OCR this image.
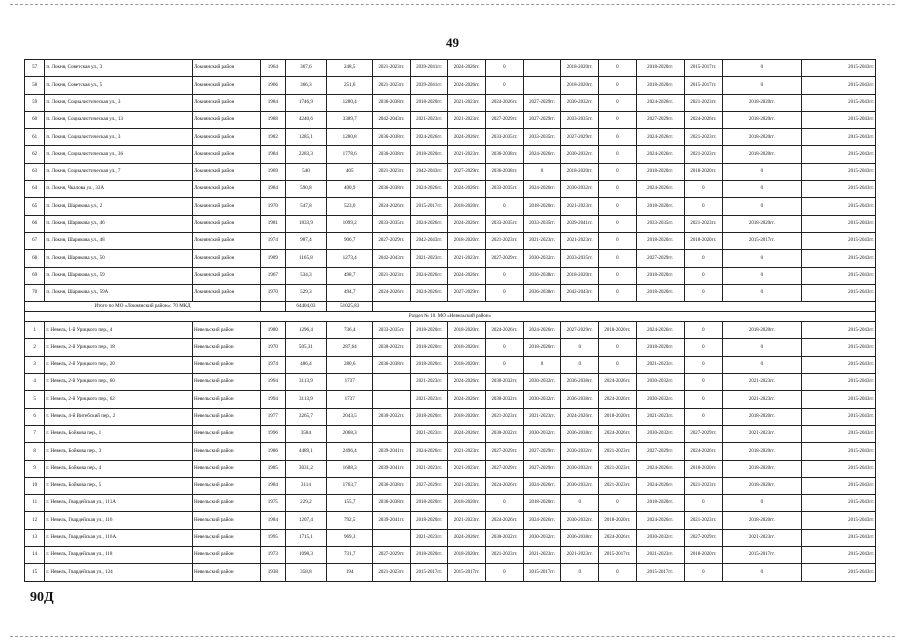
49
57	п. Локня, Советская ул., 3	Локнянский район	1964	367,6	248,5	2021-2023гг.	2039-2041гг.	2024-2026гг.	0		2018-2020гг.	0	2018-2020гг.	2015-2017гг.	0	2015-2043гг.
58	п. Локня, Советская ул., 5	Локнянский район	1966	366,3	251,6	2021-2023гг.	2039-2041гг.	2024-2026гг.	0		2018-2020гг.	0	2018-2020гг.	2015-2017гг.	0	2015-2043гг.
59	п. Локня, Социалистическая ул., 3	Локнянский район	1984	1746,9	1280,4	2036-2038гг.	2018-2020гг.	2021-2023гг.	2024-2026гг.	2027-2029гг.	2030-2032гг.	0	2024-2026гг.	2021-2023гг.	2018-2020гг.	2015-2043гг.
60	п. Локня, Социалистическая ул., 13	Локнянский район	1988	4240,6	3389,7	2042-2043гг.	2021-2023гг.	2021-2023гг.	2027-2029гг.	2027-2029гг.	2033-2035гг.	0	2027-2029гг.	2024-2026гг.	2018-2020гг.	2015-2043гг.
61	п. Локня, Социалистическая ул., 3	Локнянский район	1982	1285,1	1280,8	2036-2038гг.	2024-2026гг.	2024-2026гг.	2033-2035гг.	2033-2035гг.	2027-2029гг.	0	2024-2026гг.	2021-2023гг.	2018-2020гг.	2015-2043гг.
62	п. Локня, Социалистическая ул., 36	Локнянский район	1984	2283,3	1778,6	2036-2038гг.	2018-2020гг.	2021-2023гг.	2036-2038гг.	2024-2026гг.	2030-2032гг.	0	2024-2026гг.	2021-2023гг.	2018-2020гг.	2015-2043гг.
63	п. Локня, Социалистическая ул., 7	Локнянский район	1969	540	405	2021-2023гг.	2042-2043гг.	2027-2029гг.	2036-2038гг.	0	2018-2020гг.	0	2018-2020гг.	2018-2020гг.	0	2015-2043гг.
64	п. Локня, Чкалова ул., 33А	Локнянский район	1984	590,8	400,9	2036-2038гг.	2024-2026гг.	2024-2026гг.	2033-2035гг.	2024-2026гг.	2030-2032гг.	0	2024-2026гг.	0	0	2015-2043гг.
65	п. Локня, Шарикова ул., 2	Локнянский район	1970	547,8	523,0	2024-2026гг.	2015-2017гг.	2018-2020гг.	0	2018-2020гг.	2021-2023гг.	0	2018-2020гг.	0	0	2015-2043гг.
66	п. Локня, Шарикова ул., 46	Локнянский район	1981	1833,9	1099,2	2033-2035гг.	2024-2026гг.	2024-2026гг.	2033-2035гг.	2033-2035гг.	2039-2041гг.	0	2033-2035гг.	2021-2023гг.	2018-2020гг.	2015-2043гг.
67	п. Локня, Шарикова ул., 48	Локнянский район	1974	987,4	906,7	2027-2029гг.	2042-2043гг.	2018-2020гг.	2021-2023гг.	2021-2023гг.	2021-2023гг.	0	2018-2020гг.	2018-2020гг.	2015-2017гг.	2015-2043гг.
68	п. Локня, Шарикова ул., 50	Локнянский район	1989	1165,8	1273,4	2042-2043гг.	2021-2023гг.	2021-2023гг.	2027-2029гг.	2030-2032гг.	2033-2035гг.	0	2027-2029гг.	0	0	2015-2043гг.
69	п. Локня, Шарикова ул., 59	Локнянский район	1967	534,3	498,7	2021-2023гг.	2024-2026гг.	2024-2026гг.	0	2036-2038гг.	2018-2020гг.	0	2018-2020гг.	0	0	2015-2043гг.
70	п. Локня, Шарикова ул., 59А	Локнянский район	1970	529,3	494,7	2024-2026гг.	2024-2026гг.	2027-2029гг.	0	2036-2038гг.	2042-2043гг.	0	2018-2020гг.	0	0	2015-2043гг.
Итого по МО «Локнянский район»: 70 МКД				64404,03	51025,83											
Раздел № 10. МО «Невельский район»																
1	г. Невель, 1-й Урицкого пер., 4	Невельский район	1980	1296,4	736,4	2033-2035гг.	2018-2020гг.	2018-2020гг.	2024-2026гг.	2024-2026гг.	2027-2029гг.	2018-2020гг.	2024-2026гг.	0	2018-2020гг.	2015-2043гг.
2	г. Невель, 2-й Урицкого пер., 18	Невельский район	1970	505,31	287,64	2030-2032гг.	2018-2020гг.	2018-2020гг.	0	2018-2020гг.	0	0	2018-2020гг.	0	0	2015-2043гг.
3	г. Невель, 2-й Урицкого пер., 20	Невельский район	1974	486,4	280,6	2036-2038гг.	2018-2020гг.	2018-2020гг.	0	0	0	0	2021-2023гг.	0	0	2015-2043гг.
4	г. Невель, 2-й Урицкого пер., 60	Невельский район	1994	3113,9	1737		2021-2023гг.	2024-2026гг.	2030-2032гг.	2030-2032гг.	2036-2038гг.	2024-2026гг.	2030-2032гг.	0	2021-2023гг.	2015-2043гг.
5	г. Невель, 2-й Урицкого пер., 62	Невельский район	1994	3113,9	1737		2021-2023гг.	2024-2026гг.	2030-2032гг.	2030-2032гг.	2036-2038гг.	2024-2026гг.	2030-2032гг.	0	2021-2023гг.	2015-2043гг.
6	г. Невель, 4-й Витебский пер., 2	Невельский район	1977	3265,7	2043,5	2030-2032гг.	2018-2020гг.	2018-2020гг.	2021-2023гг.	2021-2023гг.	2024-2026гг.	2018-2020гг.	2021-2023гг.	0	2018-2020гг.	2015-2043гг.
7	г. Невель, Бойкова пер., 1	Невельский район	1996	3584	2068,3		2021-2023гг.	2024-2026гг.	2030-2032гг.	2030-2032гг.	2036-2038гг.	2024-2026гг.	2030-2032гг.	2027-2029гг.	2021-2023гг.	2015-2043гг.
8	г. Невель, Бойкова пер., 3	Невельский район	1986	4489,1	2496,4	2039-2041гг.	2024-2026гг.	2021-2023гг.	2027-2029гг.	2027-2029гг.	2030-2032гг.	2021-2023гг.	2027-2029гг.	2024-2026гг.	2018-2020гг.	2015-2043гг.
9	г. Невель, Бойкова пер., 4	Невельский район	1985	3031,2	1688,3	2039-2041гг.	2021-2023гг.	2021-2023гг.	2027-2029гг.	2027-2029гг.	2030-2032гг.	2021-2023гг.	2024-2026гг.	2018-2020гг.	2018-2020гг.	2015-2043гг.
10	г. Невель, Бойкова пер., 5	Невельский район	1984	3114	1763,7	2036-2038гг.	2027-2029гг.	2021-2023гг.	2024-2026гг.	2024-2026гг.	2030-2032гг.	2021-2023гг.	2024-2026гг.	2021-2023гг.	2018-2020гг.	2015-2043гг.
11	г. Невель, Гвардейская ул., 111А	Невельский район	1975	229,2	155,7	2036-2038гг.	2018-2020гг.	2018-2020гг.	0	2018-2020гг.	0	0	2018-2020гг.	0	0	2015-2043гг.
12	г. Невель, Гвардейская ул., 116	Невельский район	1984	1207,4	792,5	2039-2041гг.	2018-2020гг.	2021-2023гг.	2024-2026гг.	2024-2026гг.	2030-2032гг.	2018-2020гг.	2024-2026гг.	2021-2023гг.	2018-2020гг.	2015-2043гг.
13	г. Невель, Гвардейская ул., 116А	Невельский район	1995	1715,1	969,3		2021-2023гг.	2024-2026гг.	2030-2032гг.	2030-2032гг.	2036-2038гг.	2024-2026гг.	2030-2032гг.	2027-2029гг.	2021-2023гг.	2015-2043гг.
14	г. Невель, Гвардейская ул., 118	Невельский район	1973	1098,3	731,7	2027-2029гг.	2018-2020гг.	2018-2020гг.	2021-2023гг.	2021-2023гг.	2021-2023гг.	2015-2017гг.	2021-2023гг.	2018-2020гг.	2015-2017гг.	2015-2043гг.
15	г. Невель, Гвардейская ул., 124	Невельский район	1938	358,8	194	2021-2023гг.	2015-2017гг.	2015-2017гг.	0	2015-2017гг.	0	0	2015-2017гг.	0	0	2015-2043гг.
90Д
